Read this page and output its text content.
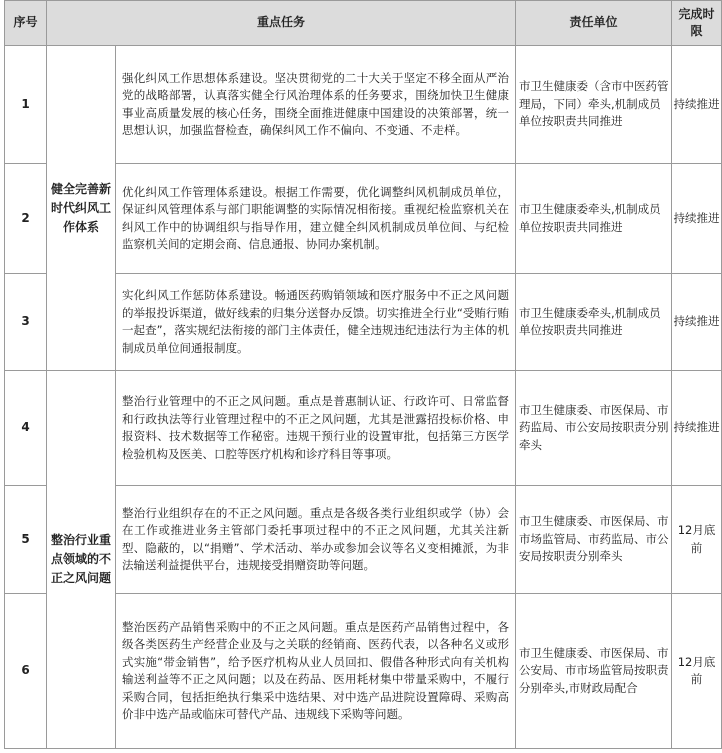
序号	重点任务		责任单位	完成时限
1	健全完善新时代纠风工作体系	强化纠风工作思想体系建设。坚决贯彻党的二十大关于坚定不移全面从严治党的战略部署，认真落实健全行风治理体系的任务要求，围绕加快卫生健康事业高质量发展的核心任务，围绕全面推进健康中国建设的决策部署，统一思想认识，加强监督检查，确保纠风工作不偏向、不变通、不走样。	市卫生健康委（含市中医药管理局，下同）牵头,机制成员单位按职责共同推进	持续推进
2		优化纠风工作管理体系建设。根据工作需要，优化调整纠风机制成员单位，保证纠风管理体系与部门职能调整的实际情况相衔接。重视纪检监察机关在纠风工作中的协调组织与指导作用，建立健全纠风机制成员单位间、与纪检监察机关间的定期会商、信息通报、协同办案机制。	市卫生健康委牵头,机制成员单位按职责共同推进	持续推进
3		实化纠风工作惩防体系建设。畅通医药购销领域和医疗服务中不正之风问题的举报投诉渠道，做好线索的归集分送督办反馈。切实推进全行业“受贿行贿一起查”，落实规纪法衔接的部门主体责任，健全违规违纪违法行为主体的机制成员单位间通报制度。	市卫生健康委牵头,机制成员单位按职责共同推进	持续推进
4	整治行业重点领域的不正之风问题	整治行业管理中的不正之风问题。重点是普惠制认证、行政许可、日常监督和行政执法等行业管理过程中的不正之风问题，尤其是泄露招投标价格、申报资料、技术数据等工作秘密。违规干预行业的设置审批，包括第三方医学检验机构及医美、口腔等医疗机构和诊疗科目等事项。	市卫生健康委、市医保局、市药监局、市公安局按职责分别牵头	持续推进
5		整治行业组织存在的不正之风问题。重点是各级各类行业组织或学（协）会在工作或推进业务主管部门委托事项过程中的不正之风问题，尤其关注新型、隐蔽的，以“捐赠”、学术活动、举办或参加会议等名义变相摊派，为非法输送利益提供平台，违规接受捐赠资助等问题。	市卫生健康委、市医保局、市市场监管局、市药监局、市公安局按职责分别牵头	12月底前
6		整治医药产品销售采购中的不正之风问题。重点是医药产品销售过程中，各级各类医药生产经营企业及与之关联的经销商、医药代表，以各种名义或形式实施“带金销售”，给予医疗机构从业人员回扣、假借各种形式向有关机构输送利益等不正之风问题；以及在药品、医用耗材集中带量采购中，不履行采购合同，包括拒绝执行集采中选结果、对中选产品进院设置障碍、采购高价非中选产品或临床可替代产品、违规线下采购等问题。	市卫生健康委、市医保局、市公安局、市市场监管局按职责分别牵头,市财政局配合	12月底前
